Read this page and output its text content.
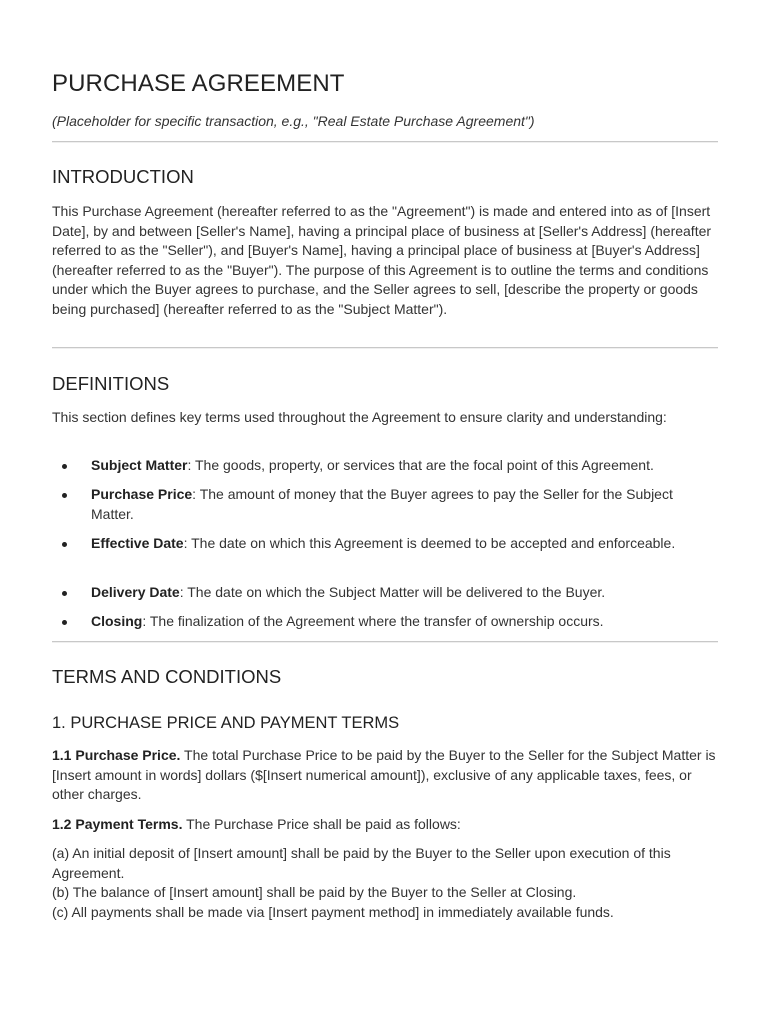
PURCHASE AGREEMENT

(Placeholder for specific transaction, e.g., "Real Estate Purchase Agreement")

INTRODUCTION

This Purchase Agreement (hereafter referred to as the "Agreement") is made and entered into as of [Insert Date], by and between [Seller's Name], having a principal place of business at [Seller's Address] (hereafter referred to as the "Seller"), and [Buyer's Name], having a principal place of business at [Buyer's Address] (hereafter referred to as the "Buyer"). The purpose of this Agreement is to outline the terms and conditions under which the Buyer agrees to purchase, and the Seller agrees to sell, [describe the property or goods being purchased] (hereafter referred to as the "Subject Matter").

DEFINITIONS

This section defines key terms used throughout the Agreement to ensure clarity and understanding:

Subject Matter: The goods, property, or services that are the focal point of this Agreement.
Purchase Price: The amount of money that the Buyer agrees to pay the Seller for the Subject Matter.
Effective Date: The date on which this Agreement is deemed to be accepted and enforceable.
Delivery Date: The date on which the Subject Matter will be delivered to the Buyer.
Closing: The finalization of the Agreement where the transfer of ownership occurs.
TERMS AND CONDITIONS
1. PURCHASE PRICE AND PAYMENT TERMS

1.1 Purchase Price. The total Purchase Price to be paid by the Buyer to the Seller for the Subject Matter is [Insert amount in words] dollars ($[Insert numerical amount]), exclusive of any applicable taxes, fees, or other charges.

1.2 Payment Terms. The Purchase Price shall be paid as follows:

(a) An initial deposit of [Insert amount] shall be paid by the Buyer to the Seller upon execution of this Agreement.
(b) The balance of [Insert amount] shall be paid by the Buyer to the Seller at Closing.
(c) All payments shall be made via [Insert payment method] in immediately available funds.
